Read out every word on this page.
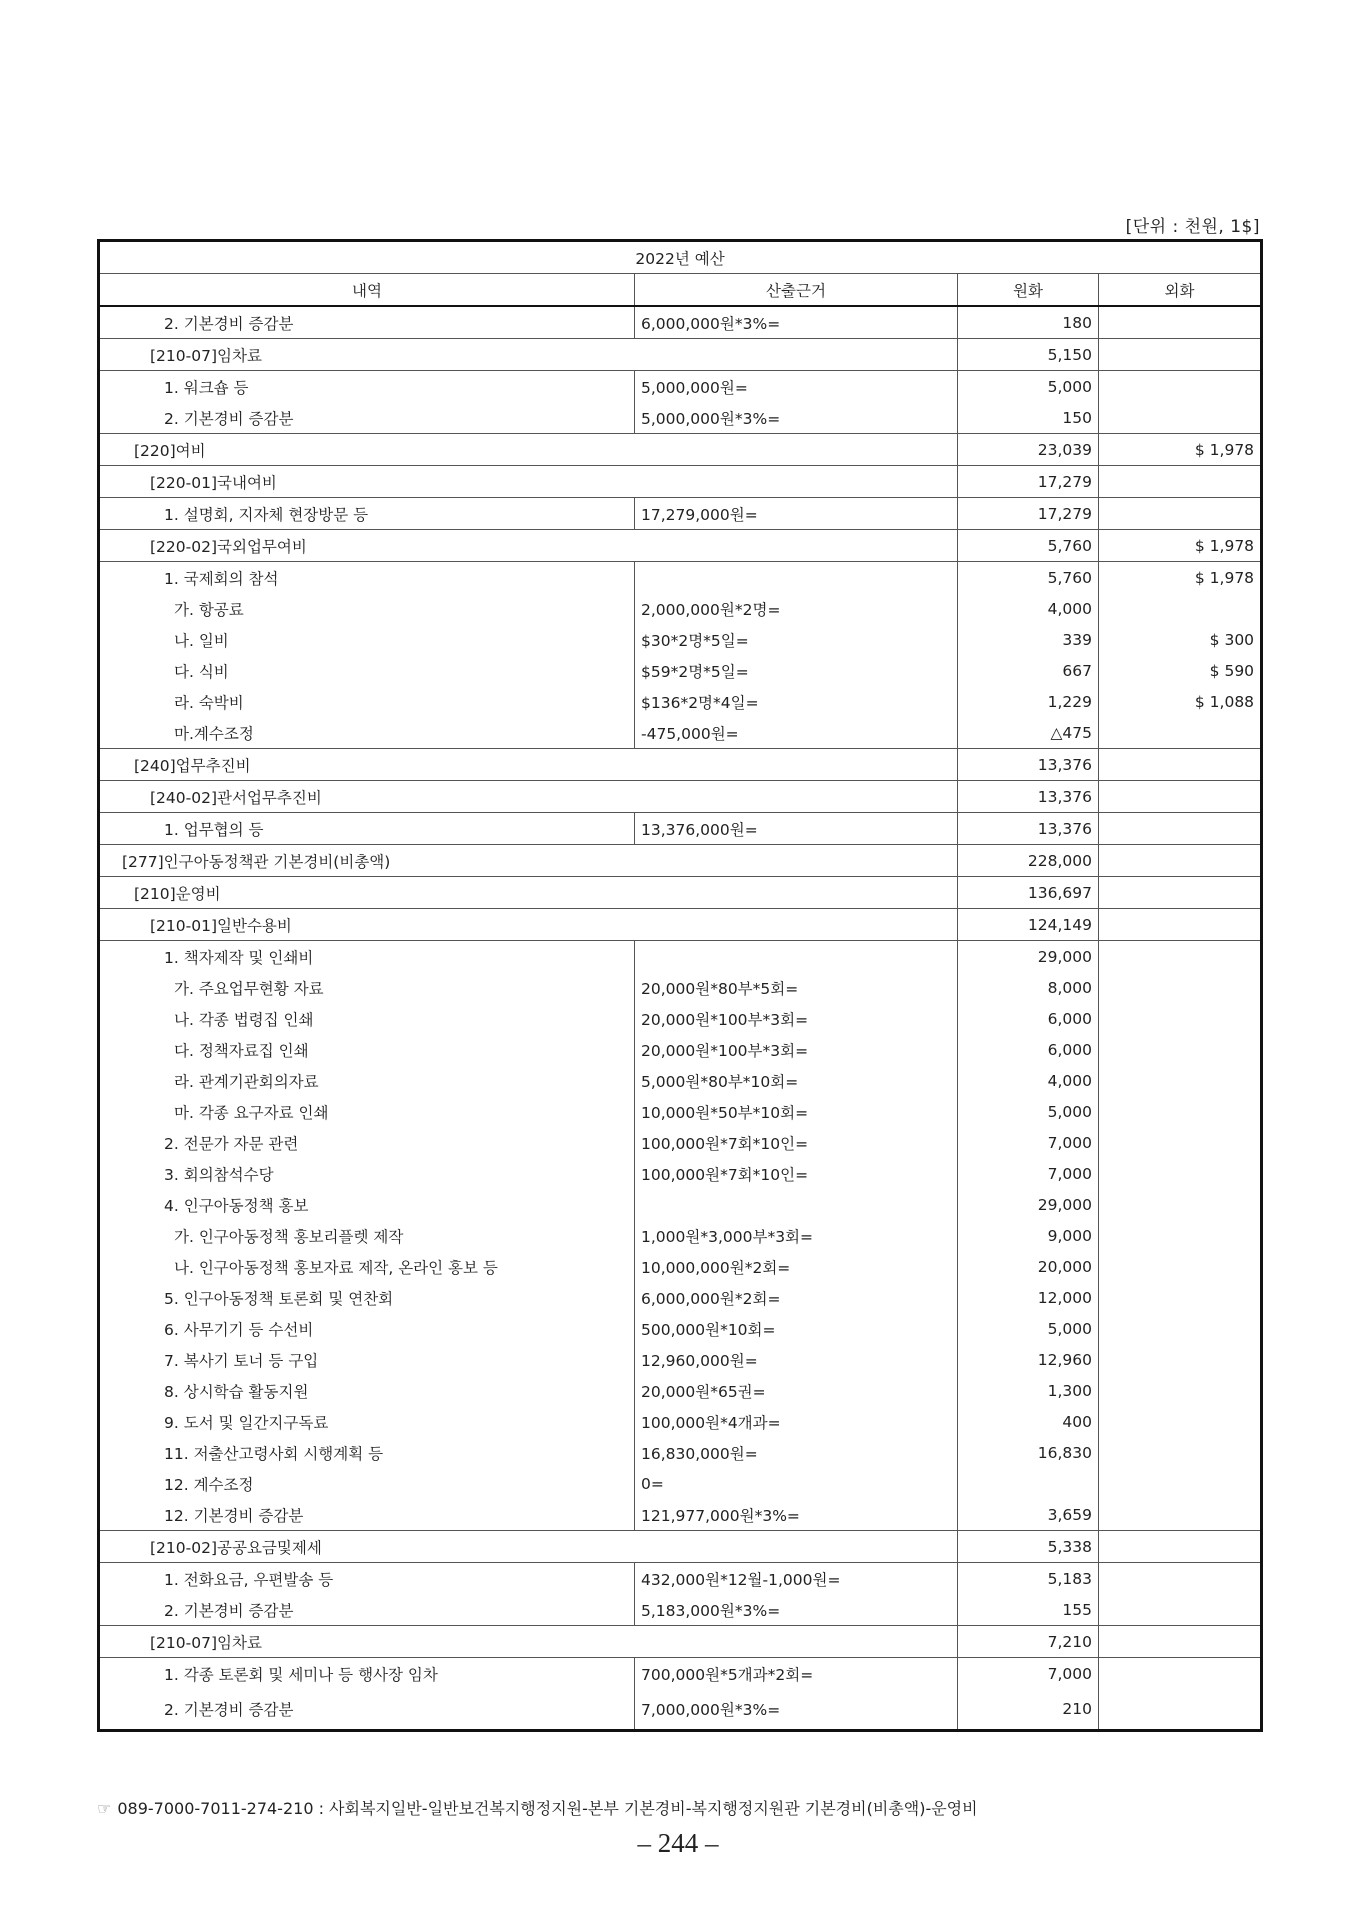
[단위 : 천원, 1$]
2022년 예산			
내역	산출근거	원화	외화
2. 기본경비 증감분	6,000,000원*3%=	180	
[210-07]임차료		5,150	
1. 워크숍 등	5,000,000원=	5,000	
2. 기본경비 증감분	5,000,000원*3%=	150	
[220]여비		23,039	$ 1,978
[220-01]국내여비		17,279	
1. 설명회, 지자체 현장방문 등	17,279,000원=	17,279	
[220-02]국외업무여비		5,760	$ 1,978
1. 국제회의 참석		5,760	$ 1,978
가. 항공료	2,000,000원*2명=	4,000	
나. 일비	$30*2명*5일=	339	$ 300
다. 식비	$59*2명*5일=	667	$ 590
라. 숙박비	$136*2명*4일=	1,229	$ 1,088
마.계수조정	-475,000원=	△475	
[240]업무추진비		13,376	
[240-02]관서업무추진비		13,376	
1. 업무협의 등	13,376,000원=	13,376	
[277]인구아동정책관 기본경비(비총액)		228,000	
[210]운영비		136,697	
[210-01]일반수용비		124,149	
1. 책자제작 및 인쇄비		29,000	
가. 주요업무현황 자료	20,000원*80부*5회=	8,000	
나. 각종 법령집 인쇄	20,000원*100부*3회=	6,000	
다. 정책자료집 인쇄	20,000원*100부*3회=	6,000	
라. 관계기관회의자료	5,000원*80부*10회=	4,000	
마. 각종 요구자료 인쇄	10,000원*50부*10회=	5,000	
2. 전문가 자문 관련	100,000원*7회*10인=	7,000	
3. 회의참석수당	100,000원*7회*10인=	7,000	
4. 인구아동정책 홍보		29,000	
가. 인구아동정책 홍보리플렛 제작	1,000원*3,000부*3회=	9,000	
나. 인구아동정책 홍보자료 제작, 온라인 홍보 등	10,000,000원*2회=	20,000	
5. 인구아동정책 토론회 및 연찬회	6,000,000원*2회=	12,000	
6. 사무기기 등 수선비	500,000원*10회=	5,000	
7. 복사기 토너 등 구입	12,960,000원=	12,960	
8. 상시학습 활동지원	20,000원*65권=	1,300	
9. 도서 및 일간지구독료	100,000원*4개과=	400	
11. 저출산고령사회 시행계획 등	16,830,000원=	16,830	
12. 계수조정	0=		
12. 기본경비 증감분	121,977,000원*3%=	3,659	
[210-02]공공요금및제세		5,338	
1. 전화요금, 우편발송 등	432,000원*12월-1,000원=	5,183	
2. 기본경비 증감분	5,183,000원*3%=	155	
[210-07]임차료		7,210	
1. 각종 토론회 및 세미나 등 행사장 임차	700,000원*5개과*2회=	7,000	
2. 기본경비 증감분	7,000,000원*3%=	210	
☞ 089-7000-7011-274-210 : 사회복지일반-일반보건복지행정지원-본부 기본경비-복지행정지원관 기본경비(비총액)-운영비
– 244 –
